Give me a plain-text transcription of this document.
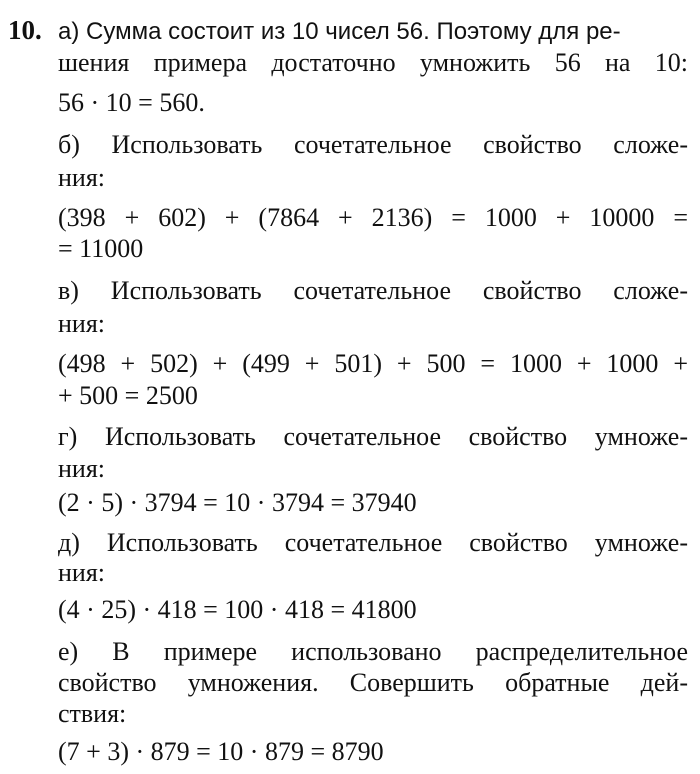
10. а) Сумма состоит из 10 чисел 56. Поэтому для ре-
шения примера достаточно умножить 56 на 10:
56 · 10 = 560.
б) Использовать сочетательное свойство сложе-
ния:
(398 + 602) + (7864 + 2136) = 1000 + 10000 =
= 11000
в) Использовать сочетательное свойство сложе-
ния:
(498 + 502) + (499 + 501) + 500 = 1000 + 1000 +
+ 500 = 2500
г) Использовать сочетательное свойство умноже-
ния:
(2 · 5) · 3794 = 10 · 3794 = 37940
д) Использовать сочетательное свойство умноже-
ния:
(4 · 25) · 418 = 100 · 418 = 41800
е) В примере использовано распределительное
свойство умножения. Совершить обратные дей-
ствия:
(7 + 3) · 879 = 10 · 879 = 8790
